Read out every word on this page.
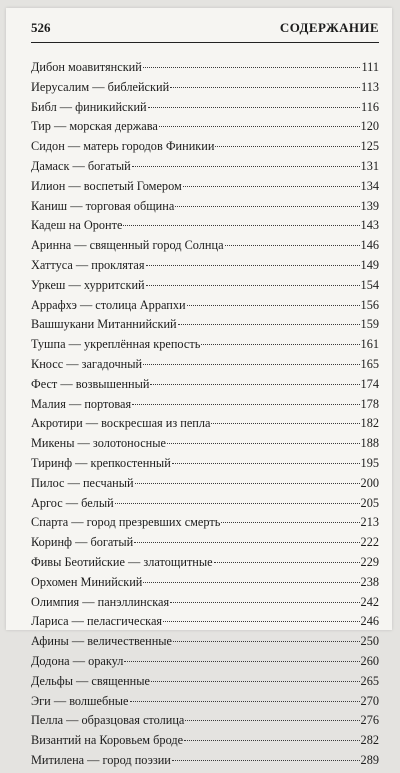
526	СОДЕРЖАНИЕ
Дибон моавитянский	111
Иерусалим — библейский	113
Библ — финикийский	116
Тир — морская держава	120
Сидон — матерь городов Финикии	125
Дамаск — богатый	131
Илион — воспетый Гомером	134
Каниш — торговая община	139
Кадеш на Оронте	143
Аринна — священный город Солнца	146
Хаттуса — проклятая	149
Уркеш — хурритский	154
Аррафхэ — столица Аррапхи	156
Вашшукани Митаннийский	159
Тушпа — укреплённая крепость	161
Кносс — загадочный	165
Фест — возвышенный	174
Малия — портовая	178
Акротири — воскресшая из пепла	182
Микены — золотоносные	188
Тиринф — крепкостенный	195
Пилос — песчаный	200
Аргос — белый	205
Спарта — город презревших смерть	213
Коринф — богатый	222
Фивы Беотийские — златощитные	229
Орхомен Минийский	238
Олимпия — панэллинская	242
Лариса — пеласгическая	246
Афины — величественные	250
Додона — оракул	260
Дельфы — священные	265
Эги — волшебные	270
Пелла — образцовая столица	276
Византий на Коровьем броде	282
Митилена — город поэзии	289
